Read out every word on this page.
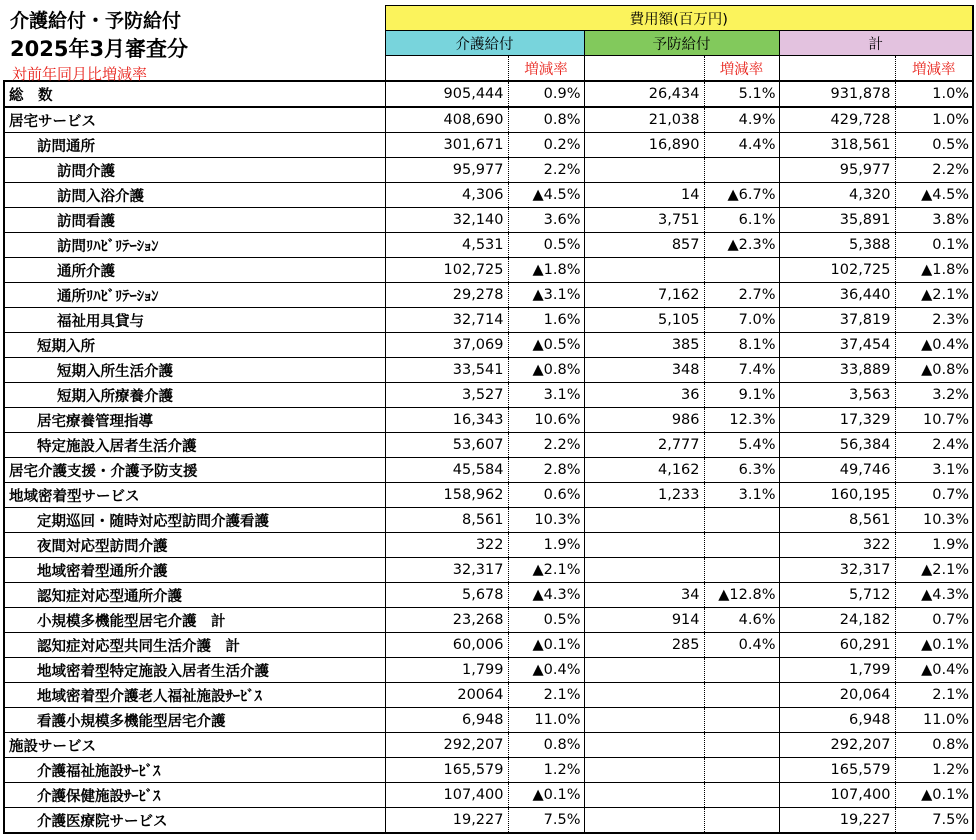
	費用額(百万円)					
	介護給付		予防給付		計	
		増減率		増減率		増減率
総　数	905,444	0.9%	26,434	5.1%	931,878	1.0%
居宅サービス	408,690	0.8%	21,038	4.9%	429,728	1.0%
訪問通所	301,671	0.2%	16,890	4.4%	318,561	0.5%
訪問介護	95,977	2.2%			95,977	2.2%
訪問入浴介護	4,306	▲4.5%	14	▲6.7%	4,320	▲4.5%
訪問看護	32,140	3.6%	3,751	6.1%	35,891	3.8%
訪問ﾘﾊﾋﾞﾘﾃｰｼｮﾝ	4,531	0.5%	857	▲2.3%	5,388	0.1%
通所介護	102,725	▲1.8%			102,725	▲1.8%
通所ﾘﾊﾋﾞﾘﾃｰｼｮﾝ	29,278	▲3.1%	7,162	2.7%	36,440	▲2.1%
福祉用具貸与	32,714	1.6%	5,105	7.0%	37,819	2.3%
短期入所	37,069	▲0.5%	385	8.1%	37,454	▲0.4%
短期入所生活介護	33,541	▲0.8%	348	7.4%	33,889	▲0.8%
短期入所療養介護	3,527	3.1%	36	9.1%	3,563	3.2%
居宅療養管理指導	16,343	10.6%	986	12.3%	17,329	10.7%
特定施設入居者生活介護	53,607	2.2%	2,777	5.4%	56,384	2.4%
居宅介護支援・介護予防支援	45,584	2.8%	4,162	6.3%	49,746	3.1%
地域密着型サービス	158,962	0.6%	1,233	3.1%	160,195	0.7%
定期巡回・随時対応型訪問介護看護	8,561	10.3%			8,561	10.3%
夜間対応型訪問介護	322	1.9%			322	1.9%
地域密着型通所介護	32,317	▲2.1%			32,317	▲2.1%
認知症対応型通所介護	5,678	▲4.3%	34	▲12.8%	5,712	▲4.3%
小規模多機能型居宅介護　計	23,268	0.5%	914	4.6%	24,182	0.7%
認知症対応型共同生活介護　計	60,006	▲0.1%	285	0.4%	60,291	▲0.1%
地域密着型特定施設入居者生活介護	1,799	▲0.4%			1,799	▲0.4%
地域密着型介護老人福祉施設ｻｰﾋﾞｽ	20064	2.1%			20,064	2.1%
看護小規模多機能型居宅介護	6,948	11.0%			6,948	11.0%
施設サービス	292,207	0.8%			292,207	0.8%
介護福祉施設ｻｰﾋﾞｽ	165,579	1.2%			165,579	1.2%
介護保健施設ｻｰﾋﾞｽ	107,400	▲0.1%			107,400	▲0.1%
介護医療院サービス	19,227	7.5%			19,227	7.5%
介護給付・予防給付
2025年3月審査分
対前年同月比増減率
